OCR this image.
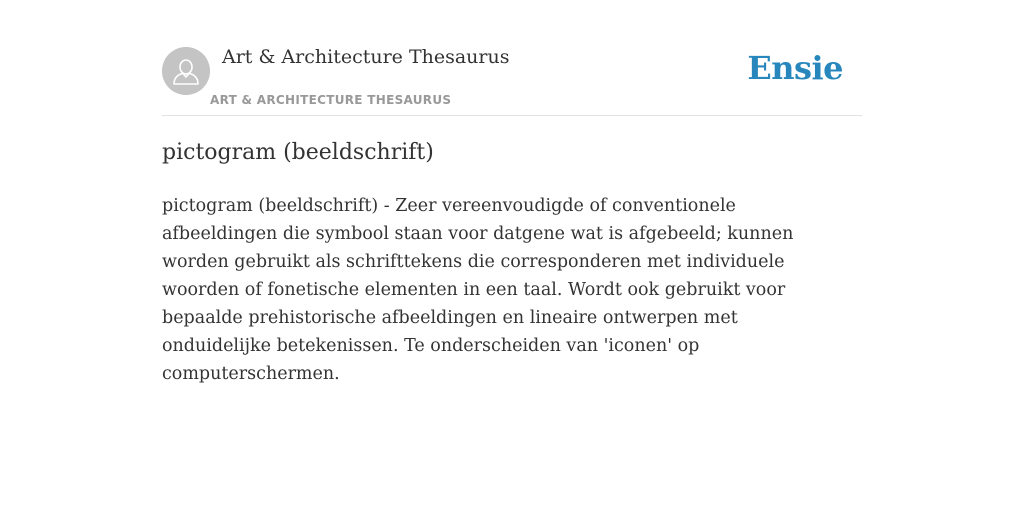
Art & Architecture Thesaurus
ART & ARCHITECTURE THESAURUS
Ensie
pictogram (beeldschrift)

pictogram (beeldschrift) - Zeer vereenvoudigde of conventionele afbeeldingen die symbool staan voor datgene wat is afgebeeld; kunnen worden gebruikt als schrifttekens die corresponderen met individuele woorden of fonetische elementen in een taal. Wordt ook gebruikt voor bepaalde prehistorische afbeeldingen en lineaire ontwerpen met onduidelijke betekenissen. Te onderscheiden van 'iconen' op computerschermen.
